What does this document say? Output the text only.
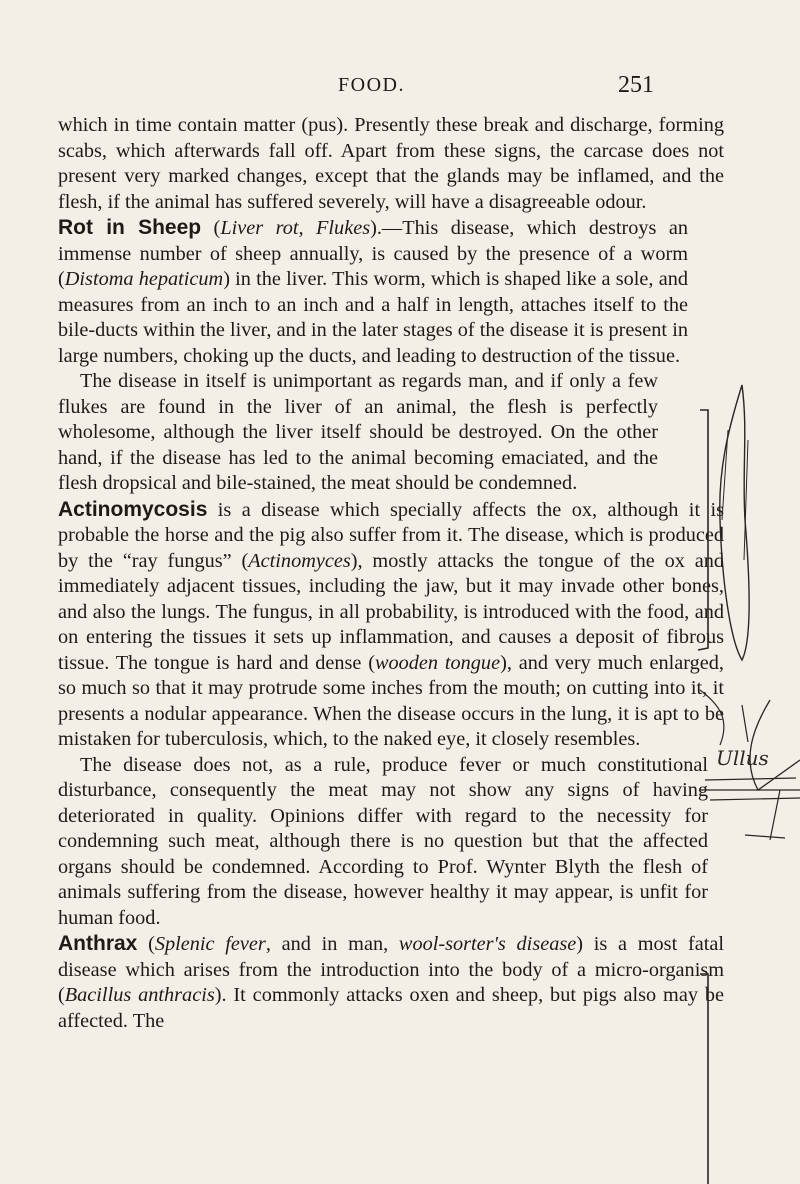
FOOD.	251

which in time contain matter (pus). Presently these break and discharge, forming scabs, which afterwards fall off. Apart from these signs, the carcase does not present very marked changes, except that the glands may be inflamed, and the flesh, if the animal has suffered severely, will have a disagreeable odour.

Rot in Sheep (Liver rot, Flukes).—This disease, which destroys an immense number of sheep annually, is caused by the presence of a worm (Distoma hepaticum) in the liver. This worm, which is shaped like a sole, and measures from an inch to an inch and a half in length, attaches itself to the bile-ducts within the liver, and in the later stages of the disease it is present in large numbers, choking up the ducts, and leading to destruction of the tissue.

The disease in itself is unimportant as regards man, and if only a few flukes are found in the liver of an animal, the flesh is perfectly wholesome, although the liver itself should be destroyed. On the other hand, if the disease has led to the animal becoming emaciated, and the flesh dropsical and bile-stained, the meat should be condemned.

Actinomycosis is a disease which specially affects the ox, although it is probable the horse and the pig also suffer from it. The disease, which is produced by the “ray fungus” (Actinomyces), mostly attacks the tongue of the ox and immediately adjacent tissues, including the jaw, but it may invade other bones, and also the lungs. The fungus, in all probability, is introduced with the food, and on entering the tissues it sets up inflammation, and causes a deposit of fibrous tissue. The tongue is hard and dense (wooden tongue), and very much enlarged, so much so that it may protrude some inches from the mouth; on cutting into it, it presents a nodular appearance. When the disease occurs in the lung, it is apt to be mistaken for tuberculosis, which, to the naked eye, it closely resembles.

The disease does not, as a rule, produce fever or much constitutional disturbance, consequently the meat may not show any signs of having deteriorated in quality. Opinions differ with regard to the necessity for condemning such meat, although there is no question but that the affected organs should be condemned. According to Prof. Wynter Blyth the flesh of animals suffering from the disease, however healthy it may appear, is unfit for human food.

Anthrax (Splenic fever, and in man, wool-sorter's disease) is a most fatal disease which arises from the introduction into the body of a micro-organism (Bacillus anthracis). It commonly attacks oxen and sheep, but pigs also may be affected. The

Ullus
